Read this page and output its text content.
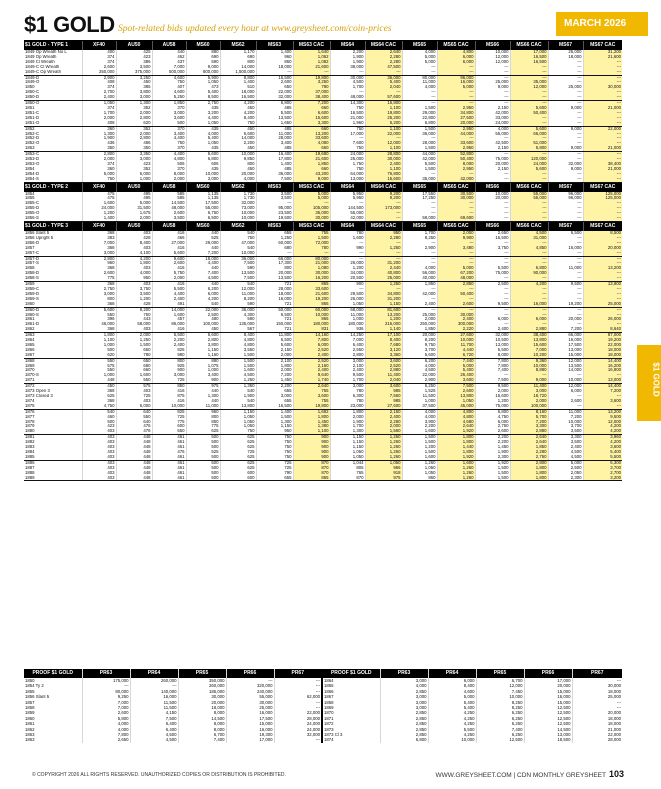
$1 GOLD Spot-related bids updated every hour at www.greysheet.com/coin-prices	MARCH 2026
$1 GOLD
$1 GOLD - TYPE 1	XF40	AU50	AU58	MS60	MS62	MS63	MS63 CAC	MS64	MS64 CAC	MS65	MS65 CAC	MS66	MS66 CAC	MS67	MS67 CAC
1849 Op Wreath No L	400	425	440	880	1,170	1,400	1,640	2,200	2,640	4,000	4,800	10,000	17,000	26,000	31,200
1849 Op Wreath	374	423	462	690	690	960	1,062	1,900	2,280	5,000	6,000	12,000	16,500	18,000	21,600
1849 Cl Wreath	374	386	437	590	800	860	1,082	1,900	2,280	5,000	6,000	12,000	16,500	---	---
1849-C Cl Wreath	2,600	3,500	7,000	9,000	14,000	18,000	21,600	38,000	47,500	---	---	---	---	---	---
1849-C Op Wreath	250,000	375,000	500,000	800,000	1,500,000	---	---	---	---	---	---	---	---	---	---
1849-D	2,900	3,250	4,600	5,900	8,800	16,500	19,800	30,000	36,000	80,000	96,000	---	---	---	---
1849-O	408	450	750	1,050	1,400	2,600	3,250	4,500	5,400	11,000	16,000	25,000	35,000	---	---
1850	374	385	407	473	510	650	780	1,700	2,040	4,000	5,000	9,000	12,000	25,000	30,000
1850-C	2,700	3,800	4,600	5,400	18,000	22,000	37,000	---	---	---	---	---	---	---	---
1850-D	2,400	3,000	5,250	8,500	16,500	32,000	38,400	48,000	57,600	---	---	---	---	---	---
1850-O	1,050	1,300	1,850	2,750	4,200	6,800	7,200	14,300	16,800	---	---	---	---	---	---
1851	374	352	370	435	450	485	660	750	1,100	1,500	2,950	2,150	5,600	9,000	21,000
1851-C	1,700	2,000	3,000	3,200	4,200	5,500	6,600	16,500	19,800	29,000	34,800	42,000	50,400	---	---
1851-D	2,000	2,800	3,600	4,400	8,400	13,500	15,600	21,000	25,200	22,800	27,500	33,000	---	---	---
1851-O	408	620	500	1,050	750	1,650	3,300	1,960	5,200	6,800	20,000	24,000	---	---	---
1852	360	352	370	435	450	485	660	750	1,100	1,500	2,950	4,000	5,600	9,000	22,000
1852-C	1,300	2,000	3,400	4,000	6,600	11,000	13,200	17,000	22,000	36,000	44,000	55,000	66,000	---	---
1852-D	1,900	2,800	4,400	5,400	14,000	28,000	33,600	---	---	---	---	---	---	---	---
1852-O	436	486	750	1,050	2,200	3,400	4,080	7,600	12,000	28,000	33,600	42,500	51,000	---	---
1853	350	350	370	435	450	485	660	750	1,100	1,500	2,950	2,150	5,800	9,000	21,000
1853-C	2,800	3,350	4,400	5,600	10,000	16,400	19,680	24,000	28,800	44,000	52,800	---	---	---	---
1853-D	2,000	3,000	4,800	6,800	9,850	17,800	21,600	25,000	30,000	42,000	50,400	75,000	120,000	---	---
1853-O	374	423	506	606	800	1,400	1,850	1,750	2,400	5,500	8,000	20,000	24,000	32,000	38,400
1854	360	352	370	435	450	485	660	750	1,100	1,500	2,950	2,150	5,600	9,000	21,000
1854-D	5,000	6,000	8,000	10,000	20,000	36,000	43,200	64,000	76,800	---	---	---	---	---	---
1854-S	750	1,000	2,000	3,000	4,000	7,500	9,000	13,000	15,600	35,000	42,000	---	---	---	---
$1 GOLD - TYPE 2	XF40	AU50	AU58	MS60	MS62	MS63	MS63 CAC	MS64	MS64 CAC	MS65	MS65 CAC	MS66	MS66 CAC	MS67	MS67 CAC
1854	475	495	585	1,135	1,730	3,500	5,000	5,950	9,200	17,550	30,500	10,000	55,000	96,000	125,000
1855	475	495	585	1,135	1,730	3,500	5,000	5,950	9,200	17,250	30,000	20,000	55,000	96,000	125,000
1855-C	1,600	5,000	14,500	17,500	32,000	---	---	---	---	---	---	---	---	---	---
1855-D	24,000	31,500	48,000	55,000	73,000	95,000	105,000	144,500	173,000	---	---	---	---	---	---
1855-O	1,200	1,675	2,600	6,750	10,000	23,500	35,000	55,000	---	---	---	---	---	---	---
1856-S	1,400	2,000	3,500	6,500	10,000	19,500	30,000	42,000	---	58,000	69,600	---	---	---	---
$1 GOLD - TYPE 3	XF40	AU50	AU58	MS60	MS62	MS63	MS63 CAC	MS64	MS64 CAC	MS65	MS65 CAC	MS66	MS66 CAC	MS67	MS67 CAC
1856 Slant 5	368	403	416	440	540	655	755	780	950	1,700	2,000	2,650	4,500	6,500	8,500
1856 Upright 5	383	428	466	525	750	1,250	1,500	1,600	2,280	8,250	9,900	16,500	31,000	---	---
1856-D	7,000	8,400	27,000	29,000	47,000	60,000	72,000	---	---	---	---	---	---	---	---
1857	368	403	416	440	540	680	780	990	1,250	2,900	3,480	3,750	4,850	16,000	20,000
1857-C	3,000	4,100	5,600	7,200	10,000	---	---	---	---	---	---	---	---	---	---
1857-D	2,800	4,200	9,600	18,000	36,000	66,000	80,000	---	---	---	---	---	---	---	---
1857-S	960	1,800	2,600	4,400	7,500	17,300	21,000	26,000	31,200	---	---	---	---	---	---
1858	368	403	416	440	590	800	1,080	1,200	2,440	4,000	5,000	5,500	6,800	11,000	13,200
1858-D	2,600	4,000	5,750	7,400	13,500	20,000	30,000	34,000	40,800	56,000	67,200	75,000	90,000	---	---
1858-S	775	950	2,000	4,500	7,500	13,500	16,200	20,500	25,000	40,000	48,000	---	---	---	---
1859	368	403	416	440	540	721	865	900	1,250	1,850	2,850	2,500	4,200	9,500	13,900
1859-C	2,750	3,750	5,500	6,200	12,000	28,000	33,600	---	---	---	---	---	---	---	---
1859-D	3,000	3,500	4,400	6,000	11,000	18,000	21,600	29,500	34,800	42,000	50,400	---	---	---	---
1859-S	800	1,200	2,400	4,200	8,200	16,000	19,200	26,000	31,200	---	---	---	---	---	---
1860	368	428	491	540	590	721	865	1,050	1,150	2,400	2,600	9,500	16,000	19,200	25,000
1860-D	5,600	8,200	14,000	22,000	36,000	50,000	60,000	68,000	81,600	---	---	---	---	---	---
1860-S	550	750	1,600	2,500	4,300	6,500	10,000	11,000	13,200	25,000	30,000	---	---	---	---
1861	396	443	457	480	590	721	865	1,000	1,200	2,000	2,400	6,000	6,000	20,000	26,000
1861-D	46,000	58,000	86,000	100,000	135,000	150,000	180,000	180,000	216,000	250,000	300,000	---	---	---	---
1862	368	403	416	450	567	721	831	936	1,140	1,850	2,220	2,400	2,880	7,200	8,640
1863	1,800	2,000	5,500	6,600	8,400	11,800	14,160	14,250	17,100	20,000	27,600	32,000	38,400	66,000	87,000
1864	1,100	1,250	2,200	2,800	4,800	6,500	7,800	7,000	8,400	8,200	10,000	10,500	13,800	16,000	19,200
1865	1,000	1,500	2,400	3,800	4,800	5,600	6,000	6,400	7,680	9,750	11,700	13,000	15,600	17,500	22,000
1866	500	650	825	1,150	3,550	2,150	2,520	2,550	3,120	3,700	4,440	5,500	7,000	13,000	18,000
1867	620	780	980	1,160	1,500	2,000	2,400	2,800	3,360	5,600	6,720	8,000	10,200	15,000	18,000
1868	550	650	800	880	1,500	2,100	2,520	3,000	3,600	6,200	7,440	7,800	9,360	12,000	14,400
1869	575	680	925	1,075	1,500	1,800	2,160	2,100	2,520	4,000	5,000	7,800	10,000	13,500	16,200
1870	550	660	900	1,000	1,600	2,000	2,400	2,400	2,880	4,500	5,400	7,400	8,880	14,000	16,800
1870-S	1,000	1,600	3,000	3,400	4,500	7,200	8,640	9,500	11,400	22,000	26,400	---	---	---	---
1871	448	550	725	900	1,250	1,450	1,740	1,700	2,040	2,900	3,600	7,500	9,000	10,000	13,000
1872	450	575	850	975	1,350	2,200	2,640	3,000	3,600	6,250	7,500	9,500	11,400	12,000	14,400
1873 Open 3	368	403	416	440	540	655	755	780	985	1,525	2,600	2,000	3,000	6,000	7,200
1873 Closed 3	625	725	875	1,300	1,900	3,000	3,600	6,300	7,560	11,500	13,800	15,600	18,720	---	---
1874	368	403	416	440	540	655	755	780	985	1,000	1,050	1,200	2,000	2,600	3,600
1875	4,750	6,000	10,000	11,000	13,800	16,500	19,800	23,000	27,600	37,500	45,000	75,000	100,000	---	---
1876	540	640	825	960	1,150	1,400	1,682	1,800	2,160	4,000	4,800	6,800	8,160	11,000	13,200
1877	460	550	725	800	1,050	1,500	1,800	2,000	2,400	4,000	4,800	4,750	5,700	7,200	9,500
1878	500	640	775	850	1,050	1,300	1,450	1,900	2,280	3,900	4,680	6,000	7,200	10,000	12,000
1879	423	476	600	775	1,050	1,150	1,380	1,700	2,000	2,200	2,640	2,750	3,300	3,700	4,200
1880	403	476	550	625	750	950	1,100	1,300	1,560	1,600	1,920	2,600	2,880	3,500	4,200
1881	403	448	461	500	625	750	900	1,150	1,260	1,500	1,800	2,200	2,640	3,300	3,960
1882	403	448	461	500	625	750	900	1,150	1,260	1,500	1,800	2,200	2,640	3,500	4,200
1883	403	448	461	500	625	750	900	1,150	1,260	1,200	1,440	1,450	1,850	2,400	3,600
1884	403	448	476	525	725	750	900	1,050	1,260	1,500	1,800	1,900	2,280	4,500	5,400
1885	403	448	461	500	625	750	900	1,050	1,260	1,600	1,920	2,300	2,760	4,500	5,500
1886	403	448	461	500	625	725	870	1,044	1,050	1,260	1,600	1,920	2,800	5,000	6,300
1887	403	448	461	500	625	725	870	805	966	1,050	1,260	1,500	1,800	2,500	3,700
1888	403	448	461	500	600	790	870	765	918	1,050	1,260	1,500	1,800	2,050	2,700
1889	403	448	461	500	600	655	855	870	975	860	1,260	1,500	1,800	2,300	3,200
PROOF $1 GOLD	PR63	PR64	PR65	PR66	PR67	PROOF $1 GOLD	PR63	PR64	PR65	PR66	PR67
1850	175,000	260,000	350,000	---	---	1864	3,000	6,000	6,700	17,000	---
1854 Ty 2	---	---	260,000	320,000	---	1865	4,000	8,400	12,000	20,000	30,000
1855	80,000	140,000	185,000	240,000	---	1866	2,850	4,600	7,450	15,000	18,000
1856 Slant 5	9,250	16,000	30,000	55,000	62,000	1867	3,000	5,000	10,000	16,000	25,000
1857	7,000	11,500	20,000	30,000	---	1868	3,000	5,400	8,250	15,000	---
1858	7,000	11,500	18,000	25,000	---	1869	3,000	5,400	8,250	12,500	---
1859	2,600	4,150	8,000	16,000	22,000	1870	2,850	4,250	6,250	12,500	20,000
1860	5,800	7,500	14,500	17,500	28,000	1871	2,850	4,250	6,250	12,500	18,000
1861	4,000	6,400	8,000	15,000	24,000	1872	2,850	4,250	6,250	12,500	18,000
1862	4,000	6,400	8,000	16,000	24,000	1873	2,850	5,500	7,400	14,500	21,000
1863	7,800	4,500	6,700	19,300	32,000	1873 Cl 3	2,850	4,250	6,250	13,000	22,000
1863	2,650	4,500	7,400	17,000	---	1874	6,800	10,000	12,500	18,500	28,000
© COPYRIGHT 2026 ALL RIGHTS RESERVED. UNAUTHORIZED COPIES OR DISTRIBUTION IS PROHIBITED.	WWW.GREYSHEET.COM | CDN MONTHLY GREYSHEET 103
